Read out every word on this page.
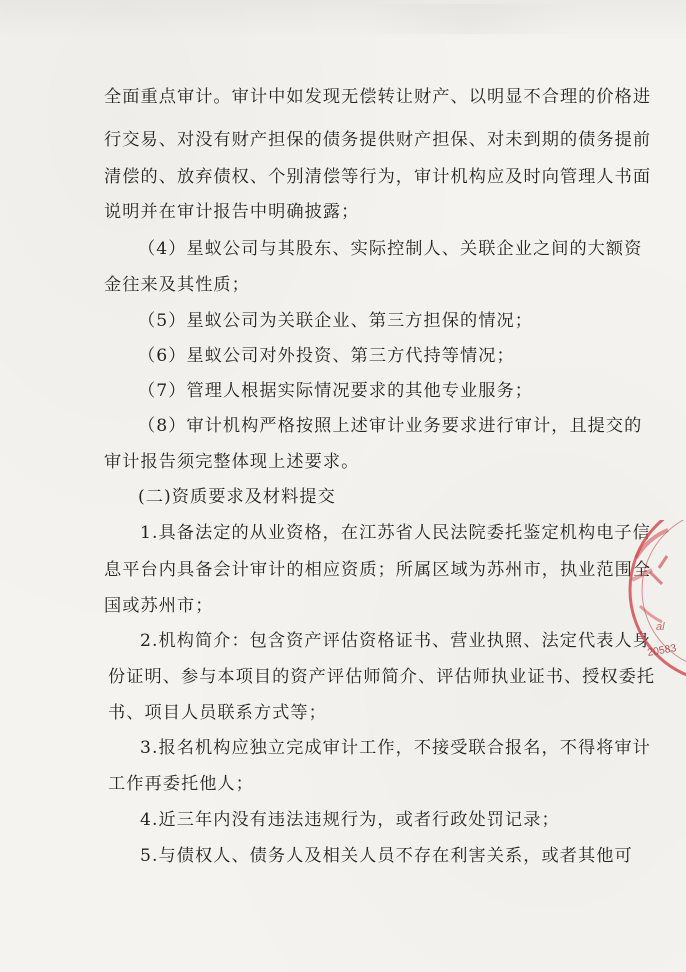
全面重点审计。审计中如发现无偿转让财产、以明显不合理的价格进
行交易、对没有财产担保的债务提供财产担保、对未到期的债务提前
清偿的、放弃债权、个别清偿等行为，审计机构应及时向管理人书面
说明并在审计报告中明确披露；
（4）星蚁公司与其股东、实际控制人、关联企业之间的大额资
金往来及其性质；
（5）星蚁公司为关联企业、第三方担保的情况；
（6）星蚁公司对外投资、第三方代持等情况；
（7）管理人根据实际情况要求的其他专业服务；
（8）审计机构严格按照上述审计业务要求进行审计，且提交的
审计报告须完整体现上述要求。
(二)资质要求及材料提交
1.具备法定的从业资格，在江苏省人民法院委托鉴定机构电子信
息平台内具备会计审计的相应资质；所属区域为苏州市，执业范围全
国或苏州市；
2.机构简介：包含资产评估资格证书、营业执照、法定代表人身
份证明、参与本项目的资产评估师简介、评估师执业证书、授权委托
书、项目人员联系方式等；
3.报名机构应独立完成审计工作，不接受联合报名，不得将审计
工作再委托他人；
4.近三年内没有违法违规行为，或者行政处罚记录；
5.与债权人、债务人及相关人员不存在利害关系，或者其他可
al
20583
